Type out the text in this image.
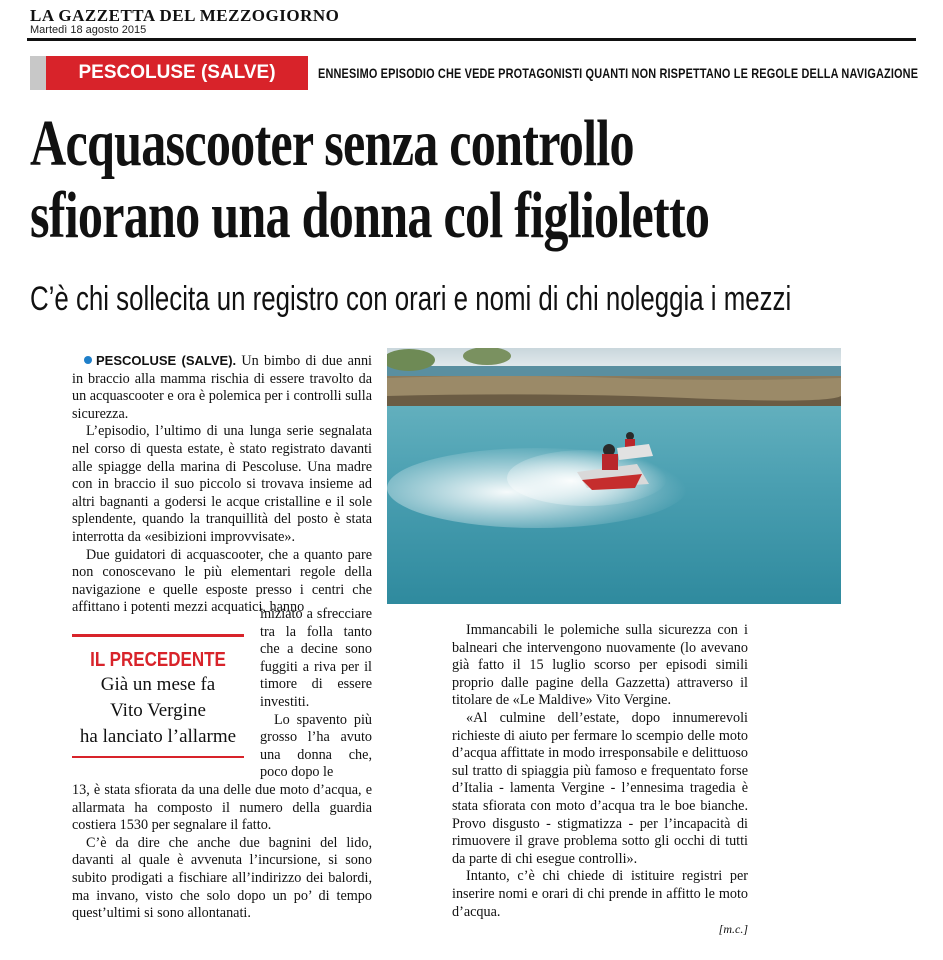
LA GAZZETTA DEL MEZZOGIORNO
Martedì 18 agosto 2015
PESCOLUSE (SALVE)	ENNESIMO EPISODIO CHE VEDE PROTAGONISTI QUANTI NON RISPETTANO LE REGOLE DELLA NAVIGAZIONE
Acquascooter senza controllo
sfiorano una donna col figlioletto
C’è chi sollecita un registro con orari e nomi di chi noleggia i mezzi

PESCOLUSE (SALVE). Un bimbo di due anni in braccio alla mamma rischia di essere travolto da un acquascooter e ora è polemica per i controlli sulla sicurezza.

L’episodio, l’ultimo di una lunga serie segnalata nel corso di questa estate, è stato registrato davanti alle spiagge della marina di Pescoluse. Una madre con in braccio il suo piccolo si trovava insieme ad altri bagnanti a godersi le acque cristalline e il sole splendente, quando la tranquillità del posto è stata interrotta da «esibizioni improvvisate».

Due guidatori di acquascooter, che a quanto pare non conoscevano le più elementari regole della navigazione e quelle esposte presso i centri che affittano i potenti mezzi acquatici, hanno

IL PRECEDENTE
Già un mese fa
Vito Vergine
ha lanciato l’allarme

iniziato a sfrecciare tra la folla tanto che a decine sono fuggiti a riva per il timore di essere investiti.

Lo spavento più grosso l’ha avuto una donna che, poco dopo le

13, è stata sfiorata da una delle due moto d’acqua, e allarmata ha composto il numero della guardia costiera 1530 per segnalare il fatto.

C’è da dire che anche due bagnini del lido, davanti al quale è avvenuta l’incursione, si sono subito prodigati a fischiare all’indirizzo dei balordi, ma invano, visto che solo dopo un po’ di tempo quest’ultimi si sono allontanati.

Immancabili le polemiche sulla sicurezza con i balneari che intervengono nuovamente (lo avevano già fatto il 15 luglio scorso per episodi simili proprio dalle pagine della Gazzetta) attraverso il titolare de «Le Maldive» Vito Vergine.

«Al culmine dell’estate, dopo innumerevoli richieste di aiuto per fermare lo scempio delle moto d’acqua affittate in modo irresponsabile e delittuoso sul tratto di spiaggia più famoso e frequentato forse d’Italia - lamenta Vergine - l’ennesima tragedia è stata sfiorata con moto d’acqua tra le boe bianche. Provo disgusto - stigmatizza - per l’incapacità di rimuovere il grave problema sotto gli occhi di tutti da parte di chi esegue controlli».

Intanto, c’è chi chiede di istituire registri per inserire nomi e orari di chi prende in affitto le moto d’acqua.

[m.c.]
